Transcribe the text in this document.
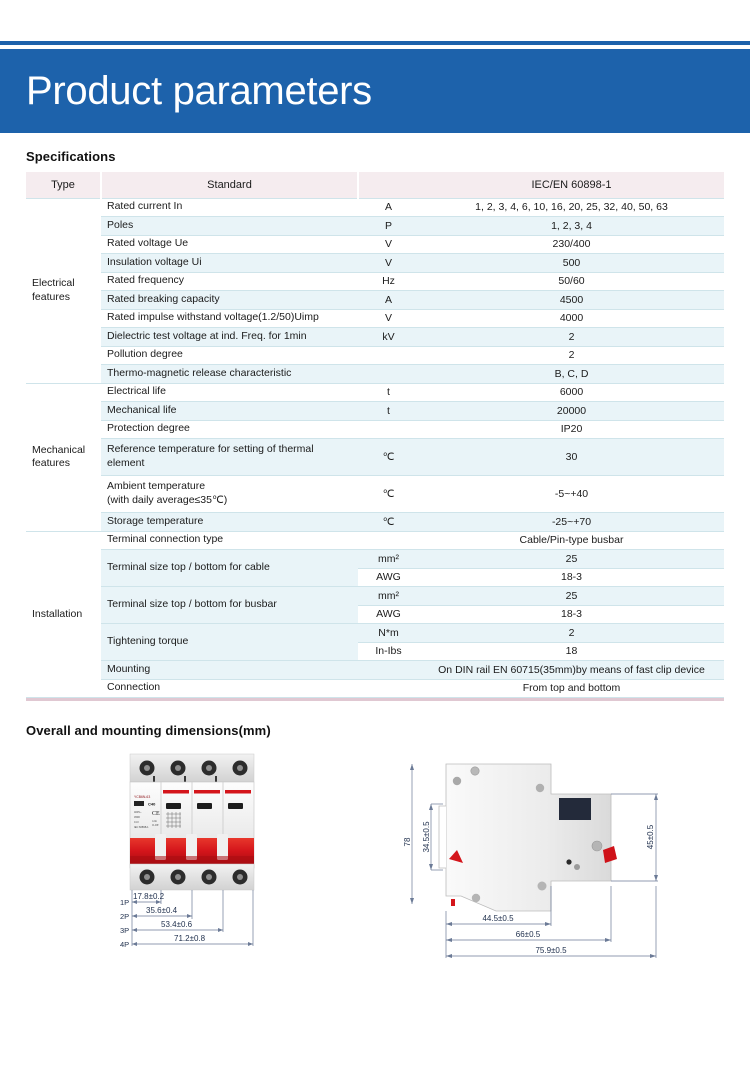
Product parameters
Specifications
Type	Standard		IEC/EN 60898-1
Electrical
features	Rated current In	A	1, 2, 3, 4, 6, 10, 16, 20, 25, 32, 40, 50, 63
	Poles	P	1, 2, 3, 4
	Rated voltage Ue	V	230/400
	Insulation voltage Ui	V	500
	Rated frequency	Hz	50/60
	Rated breaking capacity	A	4500
	Rated impulse withstand voltage(1.2/50)Uimp	V	4000
	Dielectric test voltage at ind. Freq. for 1min	kV	2
	Pollution degree		2
	Thermo-magnetic release characteristic		B, C, D
Mechanical
features	Electrical life	t	6000
	Mechanical life	t	20000
	Protection degree		IP20
	Reference temperature for setting of thermal element	℃	30
	Ambient temperature
(with daily average≤35℃)	℃	-5~+40
	Storage temperature	℃	-25~+70
Installation	Terminal connection type		Cable/Pin-type busbar
	Terminal size top / bottom for cable	mm²	25
		AWG	18-3
	Terminal size top / bottom for busbar	mm²	25
		AWG	18-3
	Tightening torque	N*m	2
		In-Ibs	18
	Mounting		On DIN rail EN 60715(35mm)by means of fast clip device
	Connection		From top and bottom
Overall and mounting dimensions(mm)
YCB6N-63
C40
400V~
4500
Cl.3
IEC 60898-1
CE
I-On
O-Off
1P
17.8±0.2
2P
35.6±0.4
3P
53.4±0.6
4P
71.2±0.8
78 34.5±0.5	45±0.5
44.5±0.5
66±0.5
75.9±0.5
